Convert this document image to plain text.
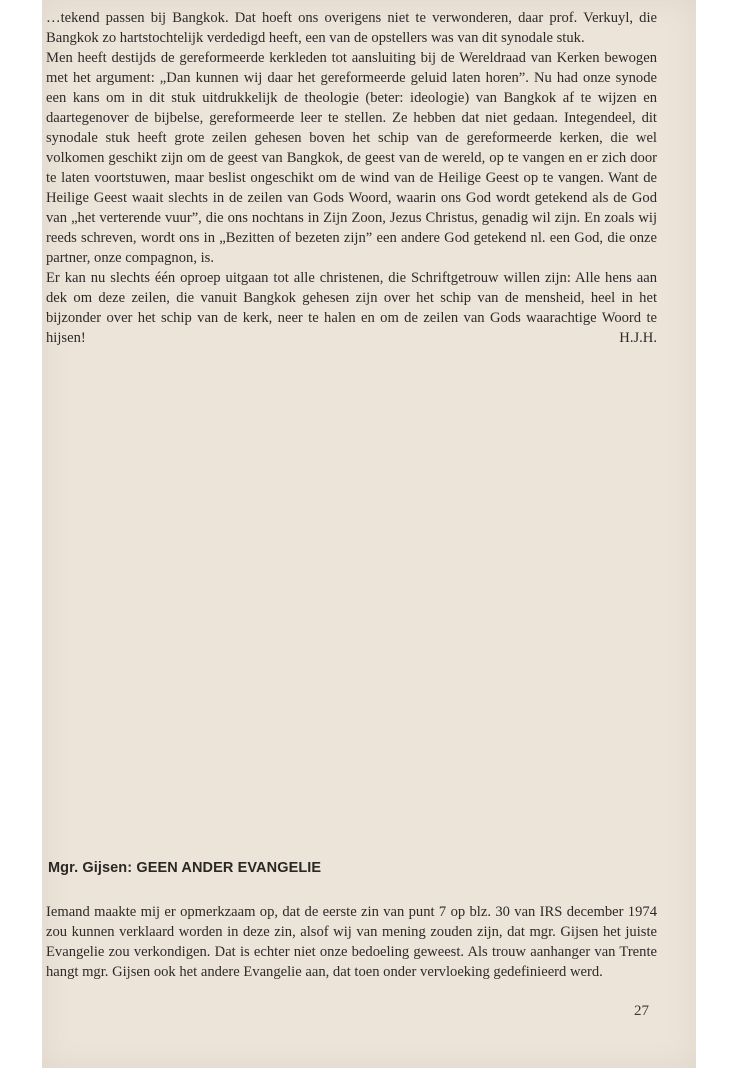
…tekend passen bij Bangkok. Dat hoeft ons overigens niet te verwonderen, daar prof. Verkuyl, die Bangkok zo hartstochtelijk verdedigd heeft, een van de opstellers was van dit synodale stuk.

Men heeft destijds de gereformeerde kerkleden tot aansluiting bij de Wereldraad van Kerken bewogen met het argument: „Dan kunnen wij daar het gereformeerde geluid laten horen”. Nu had onze synode een kans om in dit stuk uitdrukkelijk de theologie (beter: ideologie) van Bangkok af te wijzen en daartegenover de bijbelse, gereformeerde leer te stellen. Ze hebben dat niet gedaan. Integendeel, dit synodale stuk heeft grote zeilen gehesen boven het schip van de gereformeerde kerken, die wel volkomen geschikt zijn om de geest van Bangkok, de geest van de wereld, op te vangen en er zich door te laten voortstuwen, maar beslist ongeschikt om de wind van de Heilige Geest op te vangen. Want de Heilige Geest waait slechts in de zeilen van Gods Woord, waarin ons God wordt getekend als de God van „het verterende vuur”, die ons nochtans in Zijn Zoon, Jezus Christus, genadig wil zijn. En zoals wij reeds schreven, wordt ons in „Bezitten of bezeten zijn” een andere God getekend nl. een God, die onze partner, onze compagnon, is.

Er kan nu slechts één oproep uitgaan tot alle christenen, die Schriftgetrouw willen zijn: Alle hens aan dek om deze zeilen, die vanuit Bangkok gehesen zijn over het schip van de mensheid, heel in het bijzonder over het schip van de kerk, neer te halen en om de zeilen van Gods waarachtige Woord te hijsen!	H.J.H.

Mgr. Gijsen: GEEN ANDER EVANGELIE

Iemand maakte mij er opmerkzaam op, dat de eerste zin van punt 7 op blz. 30 van IRS december 1974 zou kunnen verklaard worden in deze zin, alsof wij van mening zouden zijn, dat mgr. Gijsen het juiste Evangelie zou verkondigen. Dat is echter niet onze bedoeling geweest. Als trouw aanhanger van Trente hangt mgr. Gijsen ook het andere Evangelie aan, dat toen onder vervloeking gedefinieerd werd.

27
